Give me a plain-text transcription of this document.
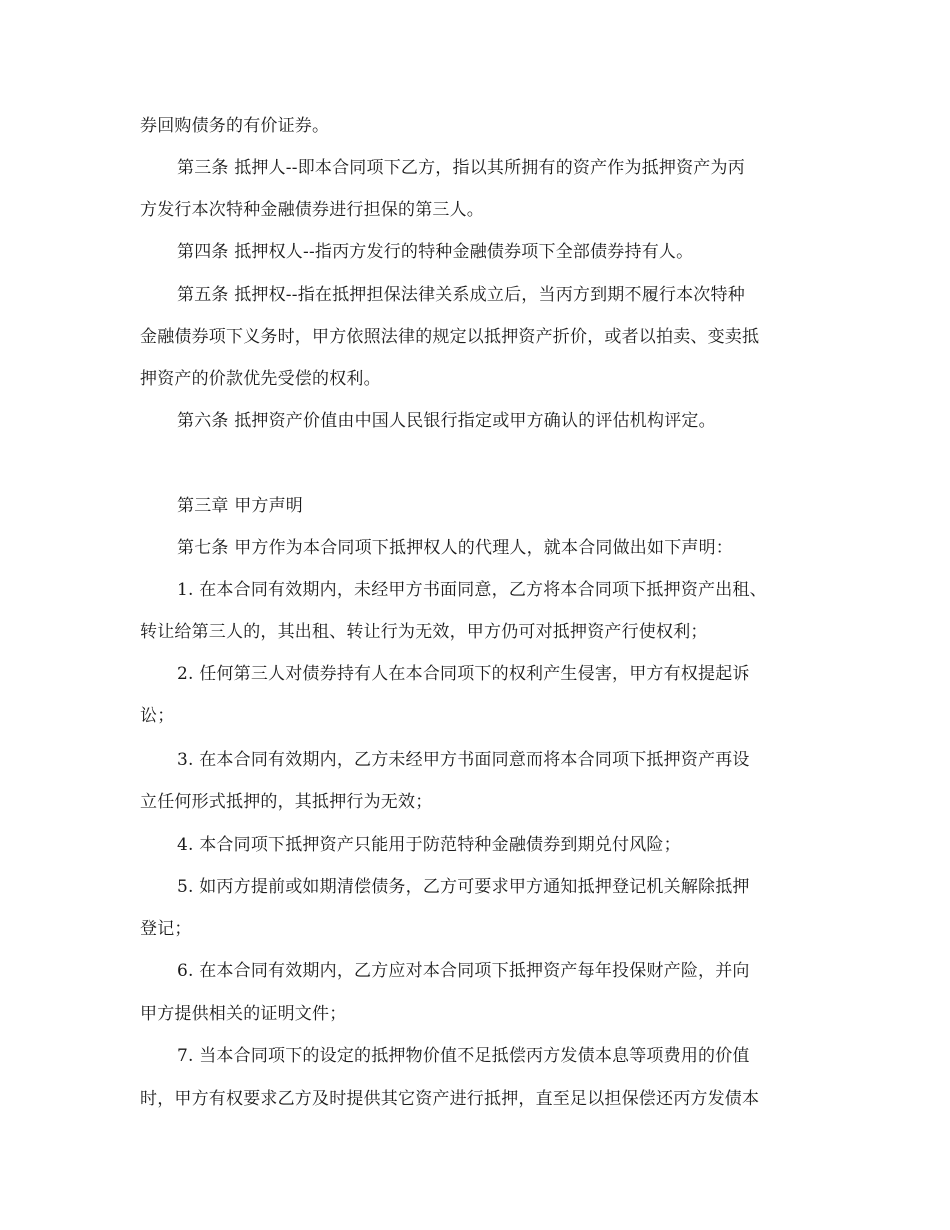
券回购债务的有价证券。
第三条 抵押人--即本合同项下乙方，指以其所拥有的资产作为抵押资产为丙
方发行本次特种金融债券进行担保的第三人。
第四条 抵押权人--指丙方发行的特种金融债券项下全部债券持有人。
第五条 抵押权--指在抵押担保法律关系成立后，当丙方到期不履行本次特种
金融债券项下义务时，甲方依照法律的规定以抵押资产折价，或者以拍卖、变卖抵
押资产的价款优先受偿的权利。
第六条 抵押资产价值由中国人民银行指定或甲方确认的评估机构评定。
第三章 甲方声明
第七条 甲方作为本合同项下抵押权人的代理人，就本合同做出如下声明：
1. 在本合同有效期内，未经甲方书面同意，乙方将本合同项下抵押资产出租、
转让给第三人的，其出租、转让行为无效，甲方仍可对抵押资产行使权利；
2. 任何第三人对债券持有人在本合同项下的权利产生侵害，甲方有权提起诉
讼；
3. 在本合同有效期内，乙方未经甲方书面同意而将本合同项下抵押资产再设
立任何形式抵押的，其抵押行为无效；
4. 本合同项下抵押资产只能用于防范特种金融债券到期兑付风险；
5. 如丙方提前或如期清偿债务，乙方可要求甲方通知抵押登记机关解除抵押
登记；
6. 在本合同有效期内，乙方应对本合同项下抵押资产每年投保财产险，并向
甲方提供相关的证明文件；
7. 当本合同项下的设定的抵押物价值不足抵偿丙方发债本息等项费用的价值
时，甲方有权要求乙方及时提供其它资产进行抵押，直至足以担保偿还丙方发债本
